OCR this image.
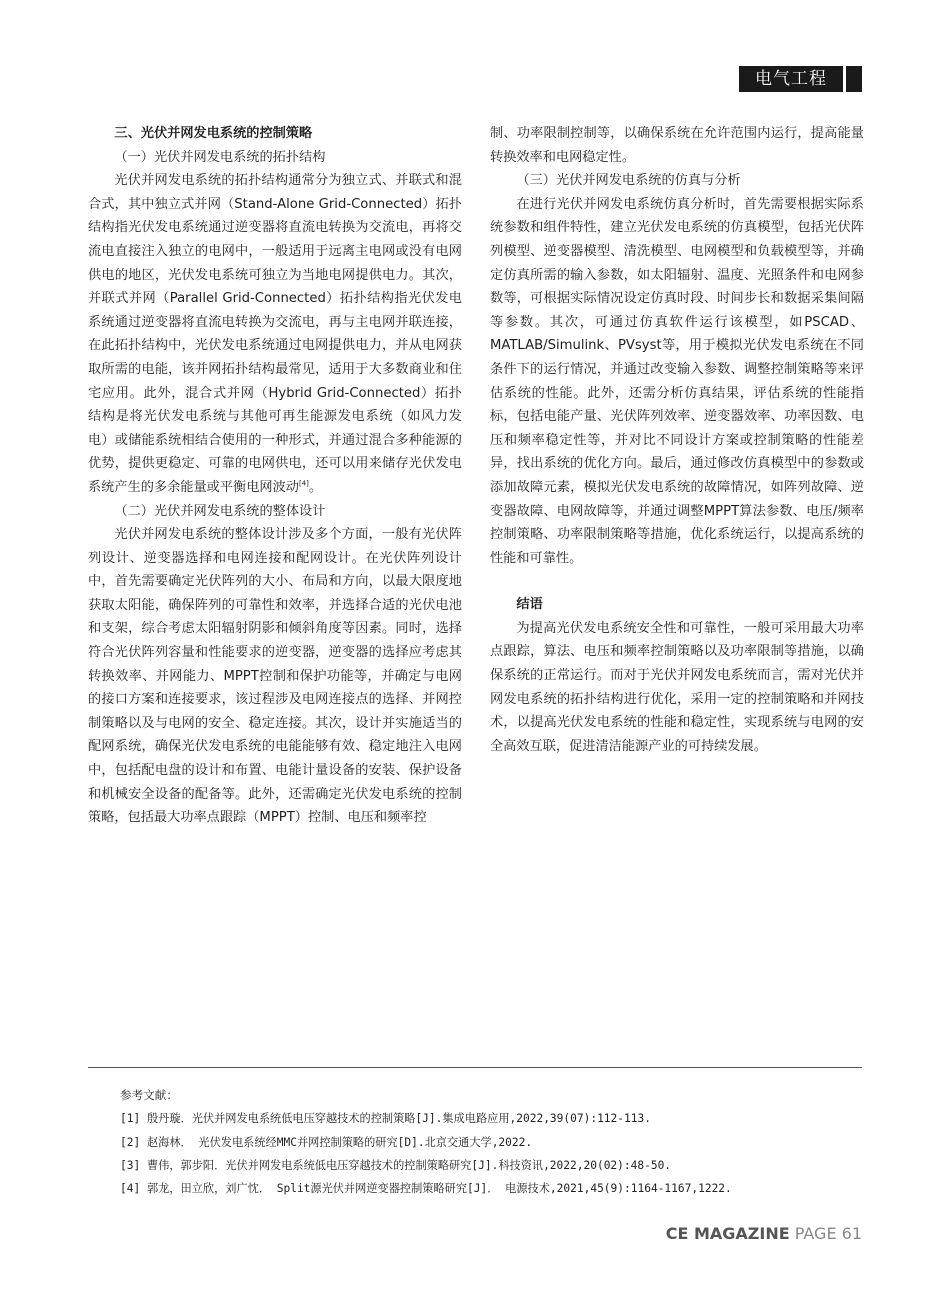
电气工程

三、光伏并网发电系统的控制策略

（一）光伏并网发电系统的拓扑结构

光伏并网发电系统的拓扑结构通常分为独立式、并联式和混合式，其中独立式并网（Stand-Alone Grid-Connected）拓扑结构指光伏发电系统通过逆变器将直流电转换为交流电，再将交流电直接注入独立的电网中，一般适用于远离主电网或没有电网供电的地区，光伏发电系统可独立为当地电网提供电力。其次，并联式并网（Parallel Grid-Connected）拓扑结构指光伏发电系统通过逆变器将直流电转换为交流电，再与主电网并联连接，在此拓扑结构中，光伏发电系统通过电网提供电力，并从电网获取所需的电能，该并网拓扑结构最常见，适用于大多数商业和住宅应用。此外，混合式并网（Hybrid Grid-Connected）拓扑结构是将光伏发电系统与其他可再生能源发电系统（如风力发电）或储能系统相结合使用的一种形式，并通过混合多种能源的优势，提供更稳定、可靠的电网供电，还可以用来储存光伏发电系统产生的多余能量或平衡电网波动[4]。

（二）光伏并网发电系统的整体设计

光伏并网发电系统的整体设计涉及多个方面，一般有光伏阵列设计、逆变器选择和电网连接和配网设计。在光伏阵列设计中，首先需要确定光伏阵列的大小、布局和方向，以最大限度地获取太阳能，确保阵列的可靠性和效率，并选择合适的光伏电池和支架，综合考虑太阳辐射阴影和倾斜角度等因素。同时，选择符合光伏阵列容量和性能要求的逆变器，逆变器的选择应考虑其转换效率、并网能力、MPPT控制和保护功能等，并确定与电网的接口方案和连接要求，该过程涉及电网连接点的选择、并网控制策略以及与电网的安全、稳定连接。其次，设计并实施适当的配网系统，确保光伏发电系统的电能能够有效、稳定地注入电网中，包括配电盘的设计和布置、电能计量设备的安装、保护设备和机械安全设备的配备等。此外，还需确定光伏发电系统的控制策略，包括最大功率点跟踪（MPPT）控制、电压和频率控

制、功率限制控制等，以确保系统在允许范围内运行，提高能量转换效率和电网稳定性。

（三）光伏并网发电系统的仿真与分析

在进行光伏并网发电系统仿真分析时，首先需要根据实际系统参数和组件特性，建立光伏发电系统的仿真模型，包括光伏阵列模型、逆变器模型、清洗模型、电网模型和负载模型等，并确定仿真所需的输入参数，如太阳辐射、温度、光照条件和电网参数等，可根据实际情况设定仿真时段、时间步长和数据采集间隔等参数。其次，可通过仿真软件运行该模型，如PSCAD、MATLAB/Simulink、PVsyst等，用于模拟光伏发电系统在不同条件下的运行情况，并通过改变输入参数、调整控制策略等来评估系统的性能。此外，还需分析仿真结果，评估系统的性能指标，包括电能产量、光伏阵列效率、逆变器效率、功率因数、电压和频率稳定性等，并对比不同设计方案或控制策略的性能差异，找出系统的优化方向。最后，通过修改仿真模型中的参数或添加故障元素，模拟光伏发电系统的故障情况，如阵列故障、逆变器故障、电网故障等，并通过调整MPPT算法参数、电压/频率控制策略、功率限制策略等措施，优化系统运行，以提高系统的性能和可靠性。

结语

为提高光伏发电系统安全性和可靠性，一般可采用最大功率点跟踪，算法、电压和频率控制策略以及功率限制等措施，以确保系统的正常运行。而对于光伏并网发电系统而言，需对光伏并网发电系统的拓扑结构进行优化，采用一定的控制策略和并网技术，以提高光伏发电系统的性能和稳定性，实现系统与电网的安全高效互联，促进清洁能源产业的可持续发展。

参考文献：
[1] 殷丹璇．光伏并网发电系统低电压穿越技术的控制策略[J].集成电路应用,2022,39(07):112-113.
[2] 赵海林． 光伏发电系统经MMC并网控制策略的研究[D].北京交通大学,2022.
[3] 曹伟，郭步阳．光伏并网发电系统低电压穿越技术的控制策略研究[J].科技资讯,2022,20(02):48-50.
[4] 郭龙，田立欣，刘广忱． Split源光伏并网逆变器控制策略研究[J]． 电源技术,2021,45(9):1164-1167,1222.
CE MAGAZINE PAGE 61
